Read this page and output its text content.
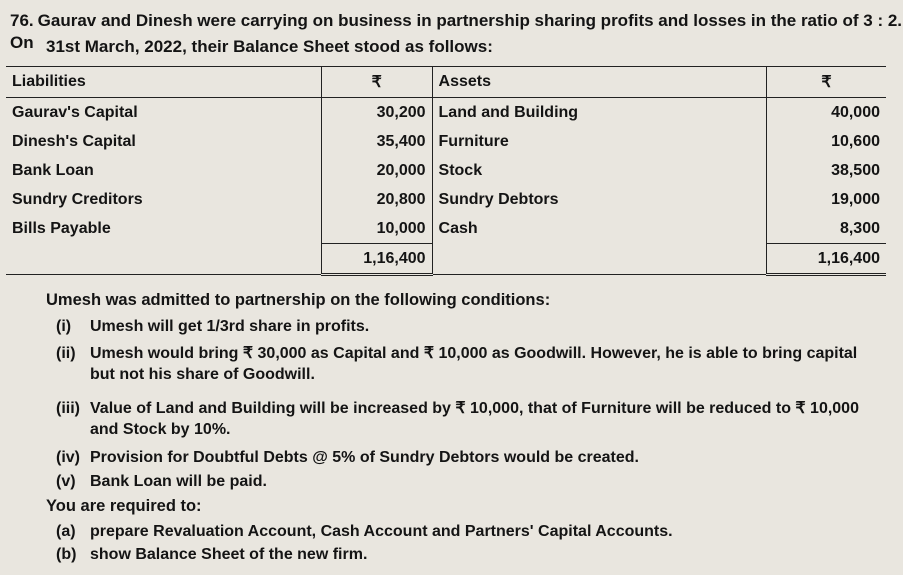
76. Gaurav and Dinesh were carrying on business in partnership sharing profits and losses in the ratio of 3 : 2. On 31st March, 2022, their Balance Sheet stood as follows:
Liabilities	₹	Assets	₹
Gaurav's Capital	30,200	Land and Building	40,000
Dinesh's Capital	35,400	Furniture	10,600
Bank Loan	20,000	Stock	38,500
Sundry Creditors	20,800	Sundry Debtors	19,000
Bills Payable	10,000	Cash	8,300
	1,16,400		1,16,400
Umesh was admitted to partnership on the following conditions:
(i) Umesh will get 1/3rd share in profits.
(ii) Umesh would bring ₹ 30,000 as Capital and ₹ 10,000 as Goodwill. However, he is able to bring capital
but not his share of Goodwill.
(iii) Value of Land and Building will be increased by ₹ 10,000, that of Furniture will be reduced to ₹ 10,000
and Stock by 10%.
(iv) Provision for Doubtful Debts @ 5% of Sundry Debtors would be created.
(v) Bank Loan will be paid.
You are required to:
(a) prepare Revaluation Account, Cash Account and Partners' Capital Accounts.
(b) show Balance Sheet of the new firm.
